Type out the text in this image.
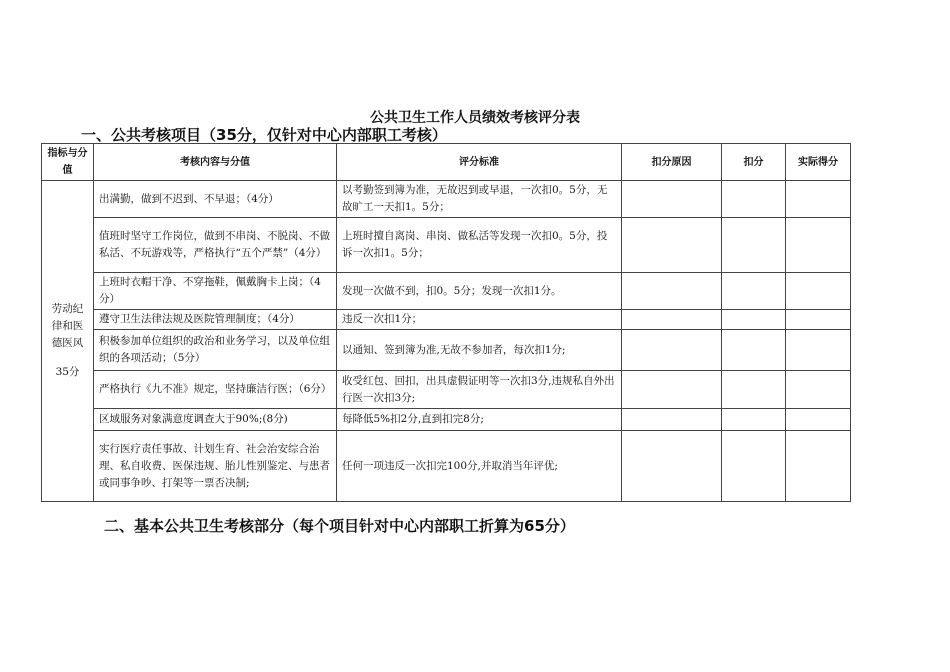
公共卫生工作人员绩效考核评分表
一、公共考核项目（35分，仅针对中心内部职工考核）
指标与分值	考核内容与分值	评分标准	扣分原因	扣分	实际得分

劳动纪律和医德医风
35分	出满勤，做到不迟到、不早退；（4分）	以考勤签到簿为准，无故迟到或早退，一次扣0。5分，无故旷工一天扣1。5分；			
	值班时坚守工作岗位，做到不串岗、不脱岗、不做私活、不玩游戏等，严格执行“五个严禁”（4分）	上班时擅自离岗、串岗、做私活等发现一次扣0。5分，投诉一次扣1。5分；			
	上班时衣帽干净、不穿拖鞋，佩戴胸卡上岗；（4分）	发现一次做不到，扣0。5分；发现一次扣1分。			
	遵守卫生法律法规及医院管理制度；（4分）	违反一次扣1分；			
	积极参加单位组织的政治和业务学习，以及单位组织的各项活动；（5分）	以通知、签到簿为准,无故不参加者，每次扣1分;			
	严格执行《九不准》规定，坚持廉洁行医；（6分）	收受红包、回扣，出具虚假证明等一次扣3分,违规私自外出行医一次扣3分;			
	区域服务对象满意度调查大于90%;(8分)	每降低5%扣2分,直到扣完8分;			
	实行医疗责任事故、计划生育、社会治安综合治理、私自收费、医保违规、胎儿性别鉴定、与患者或同事争吵、打架等一票否决制;	任何一项违反一次扣完100分,并取消当年评优;			
二、基本公共卫生考核部分（每个项目针对中心内部职工折算为65分）
